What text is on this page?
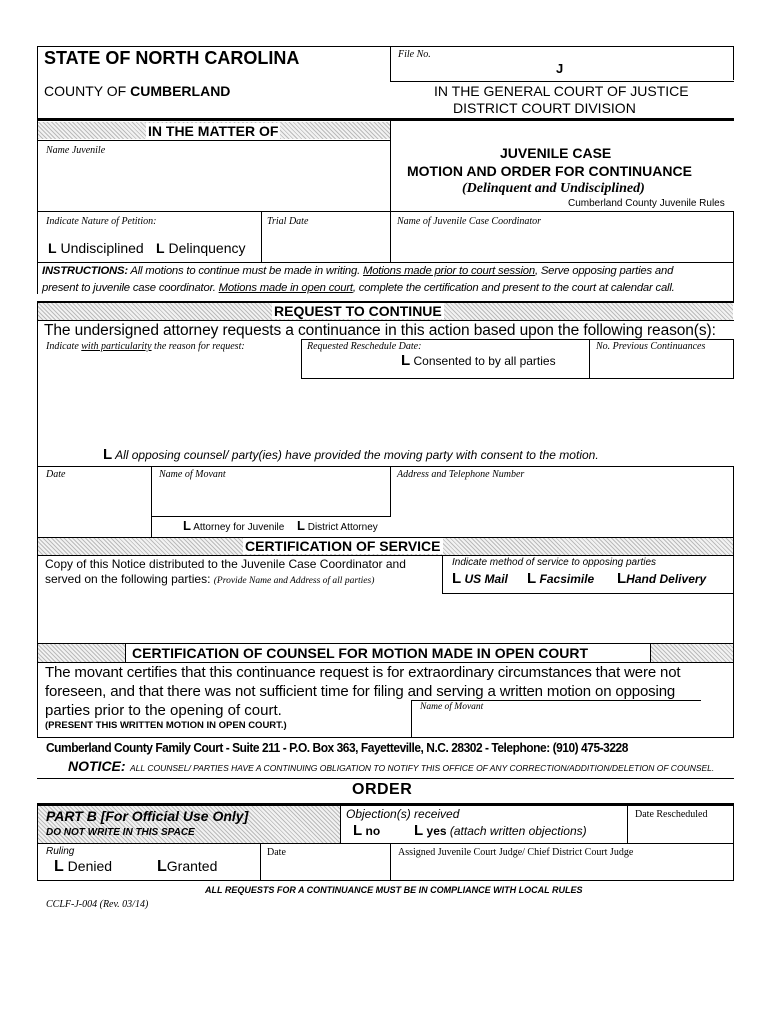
STATE OF NORTH CAROLINA
COUNTY OF CUMBERLAND
File No.
J
IN THE GENERAL COURT OF JUSTICE
DISTRICT COURT DIVISION
IN THE MATTER OF
Name Juvenile	JUVENILE CASE
MOTION AND ORDER FOR CONTINUANCE
(Delinquent and Undisciplined)
Cumberland County Juvenile Rules
Indicate Nature of Petition:	Trial Date	Name of Juvenile Case Coordinator
L Undisciplined L Delinquency
INSTRUCTIONS: All motions to continue must be made in writing. Motions made prior to court session, Serve opposing parties and
present to juvenile case coordinator. Motions made in open court, complete the certification and present to the court at calendar call.
REQUEST TO CONTINUE
The undersigned attorney requests a continuance in this action based upon the following reason(s):
Indicate with particularity the reason for request:	Requested Reschedule Date:	No. Previous Continuances
L Consented to by all parties
L All opposing counsel/ party(ies) have provided the moving party with consent to the motion.
Date	Name of Movant	Address and Telephone Number
L Attorney for Juvenile L District Attorney
CERTIFICATION OF SERVICE
Copy of this Notice distributed to the Juvenile Case Coordinator and
served on the following parties: (Provide Name and Address of all parties)
Indicate method of service to opposing parties
L US Mail L Facsimile LHand Delivery
CERTIFICATION OF COUNSEL FOR MOTION MADE IN OPEN COURT
The movant certifies that this continuance request is for extraordinary circumstances that were not
foreseen, and that there was not sufficient time for filing and serving a written motion on opposing
parties prior to the opening of court.
(PRESENT THIS WRITTEN MOTION IN OPEN COURT.)
Name of Movant
Cumberland County Family Court - Suite 211 - P.O. Box 363, Fayetteville, N.C. 28302 - Telephone: (910) 475-3228
NOTICE: ALL COUNSEL/ PARTIES HAVE A CONTINUING OBLIGATION TO NOTIFY THIS OFFICE OF ANY CORRECTION/ADDITION/DELETION OF COUNSEL.
ORDER
PART B [For Official Use Only]
DO NOT WRITE IN THIS SPACE
Objection(s) received
L no L yes (attach written objections)
Date Rescheduled
Ruling	Date	Assigned Juvenile Court Judge/ Chief District Court Judge
L Denied	LGranted
ALL REQUESTS FOR A CONTINUANCE MUST BE IN COMPLIANCE WITH LOCAL RULES
CCLF-J-004 (Rev. 03/14)
